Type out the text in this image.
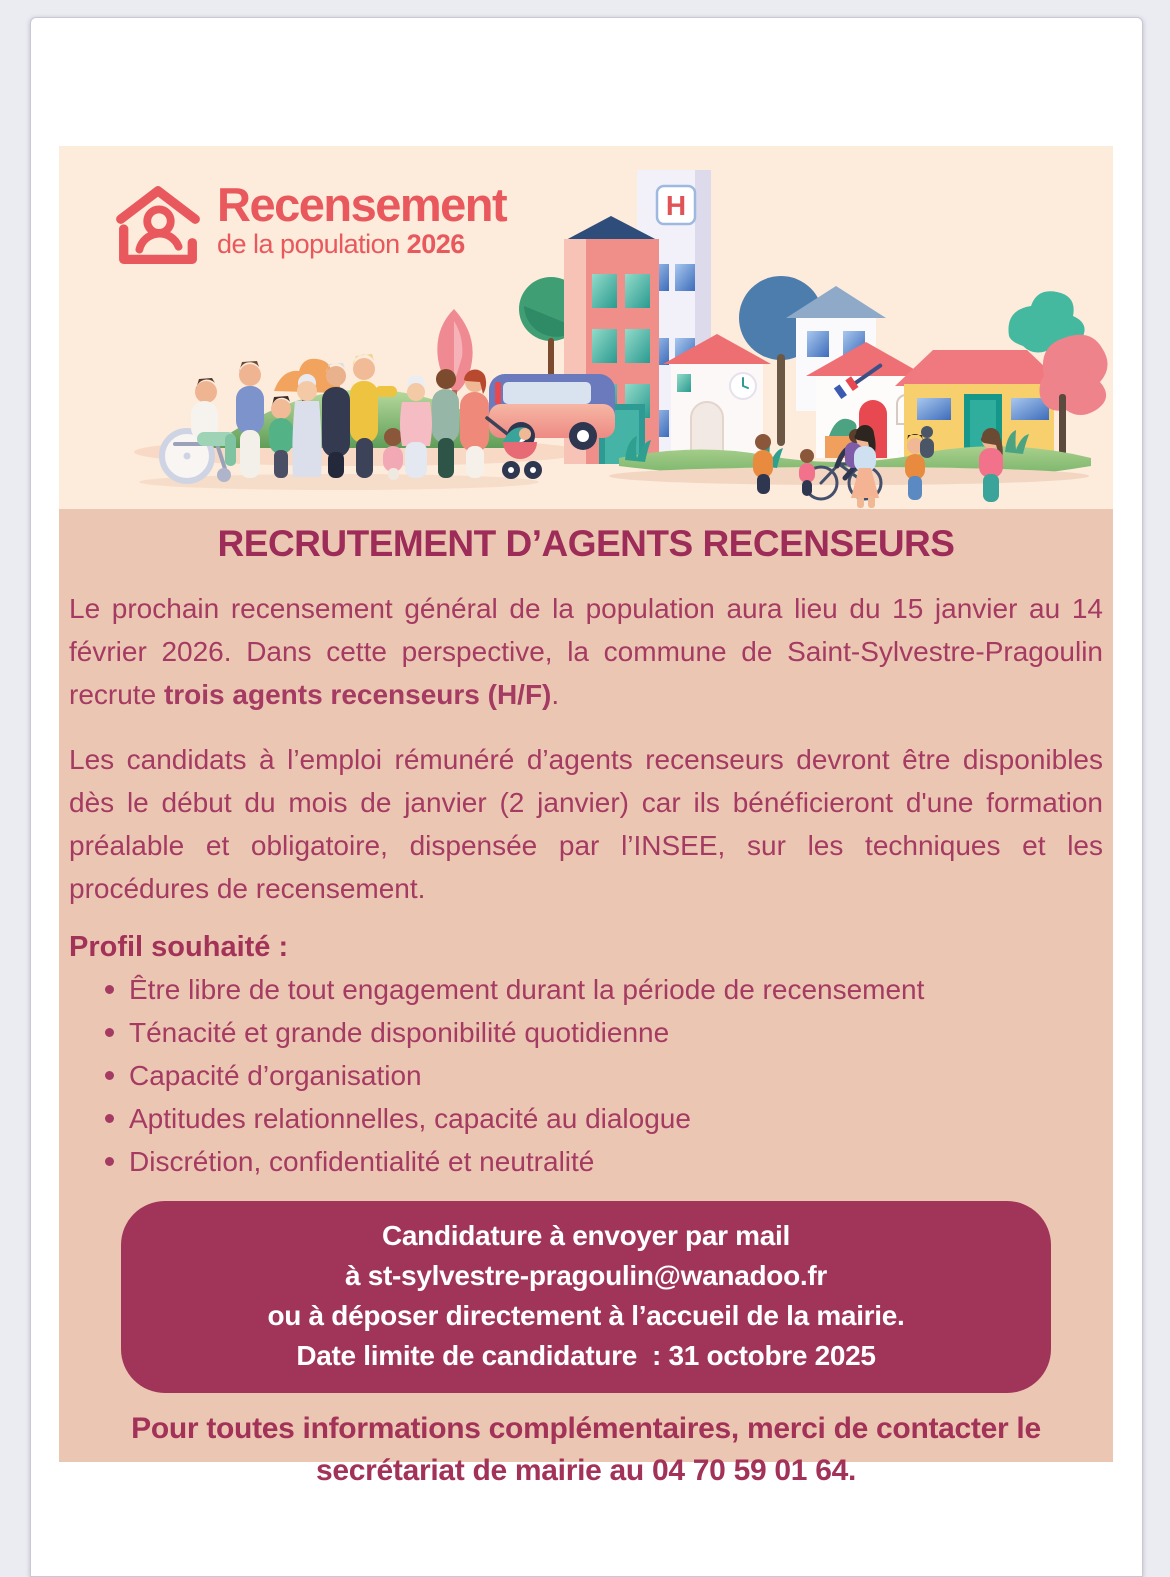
Recensement
de la population 2026
H
RECRUTEMENT D’AGENTS RECENSEURS

Le prochain recensement général de la population aura lieu du 15 janvier au 14 février 2026. Dans cette perspective, la commune de Saint-Sylvestre-Pragoulin recrute trois agents recenseurs (H/F).

Les candidats à l’emploi rémunéré d’agents recenseurs devront être disponibles dès le début du mois de janvier (2 janvier) car ils bénéficieront d'une formation préalable et obligatoire, dispensée par l’INSEE, sur les techniques et les procédures de recensement.

Profil souhaité :
Être libre de tout engagement durant la période de recensement
Ténacité et grande disponibilité quotidienne
Capacité d’organisation
Aptitudes relationnelles, capacité au dialogue
Discrétion, confidentialité et neutralité
Candidature à envoyer par mail
à st-sylvestre-pragoulin@wanadoo.fr
ou à déposer directement à l’accueil de la mairie.
Date limite de candidature  : 31 octobre 2025

Pour toutes informations complémentaires, merci de contacter le secrétariat de mairie au 04 70 59 01 64.
